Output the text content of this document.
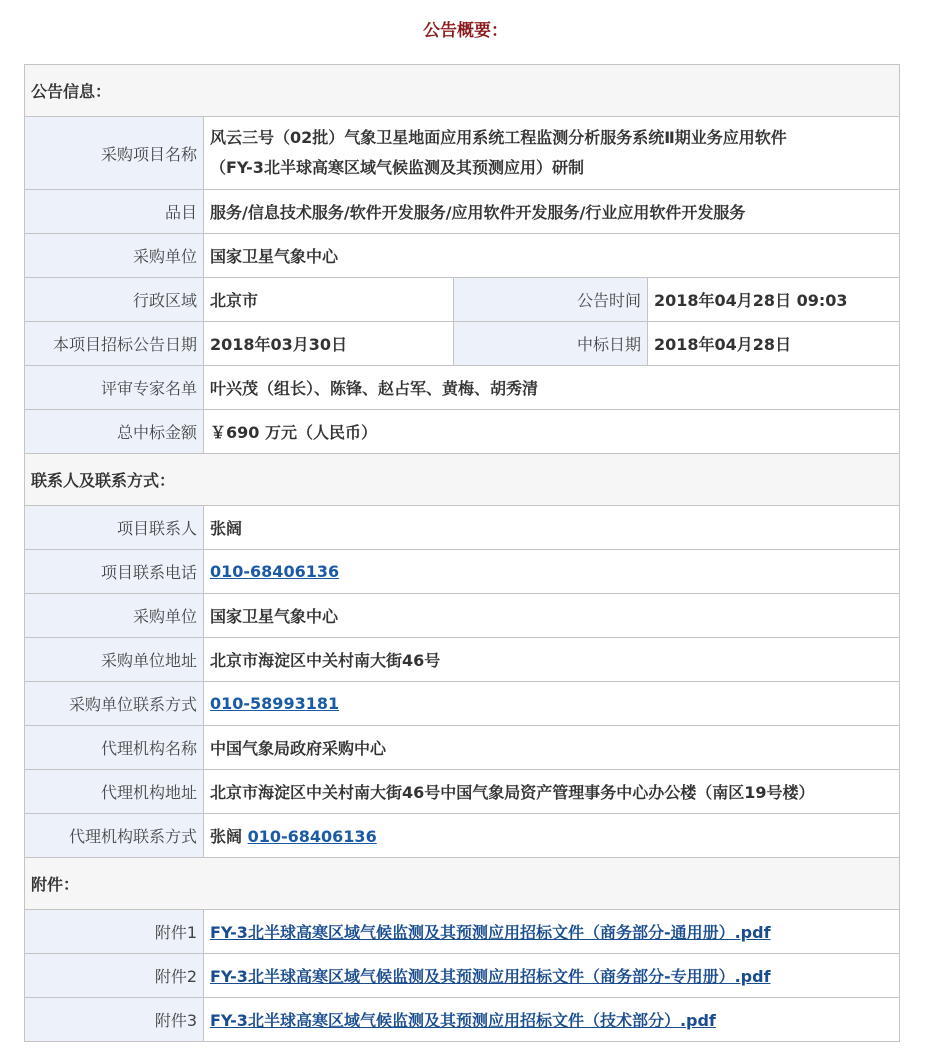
公告概要：
公告信息：			
采购项目名称	风云三号（02批）气象卫星地面应用系统工程监测分析服务系统Ⅱ期业务应用软件
（FY-3北半球高寒区域气候监测及其预测应用）研制		

品目	服务/信息技术服务/软件开发服务/应用软件开发服务/行业应用软件开发服务		
采购单位	国家卫星气象中心		
行政区域	北京市	公告时间	2018年04月28日 09:03
本项目招标公告日期	2018年03月30日	中标日期	2018年04月28日
评审专家名单	叶兴茂（组长）、陈锋、赵占军、黄梅、胡秀清		
总中标金额	￥690 万元（人民币）		
联系人及联系方式：			
项目联系人	张阔		
项目联系电话	010-68406136		
采购单位	国家卫星气象中心		
采购单位地址	北京市海淀区中关村南大街46号		
采购单位联系方式	010-58993181		
代理机构名称	中国气象局政府采购中心		
代理机构地址	北京市海淀区中关村南大街46号中国气象局资产管理事务中心办公楼（南区19号楼）		
代理机构联系方式	张阔 010-68406136		
附件：			
附件1	FY-3北半球高寒区域气候监测及其预测应用招标文件（商务部分-通用册）.pdf		
附件2	FY-3北半球高寒区域气候监测及其预测应用招标文件（商务部分-专用册）.pdf		
附件3	FY-3北半球高寒区域气候监测及其预测应用招标文件（技术部分）.pdf		
